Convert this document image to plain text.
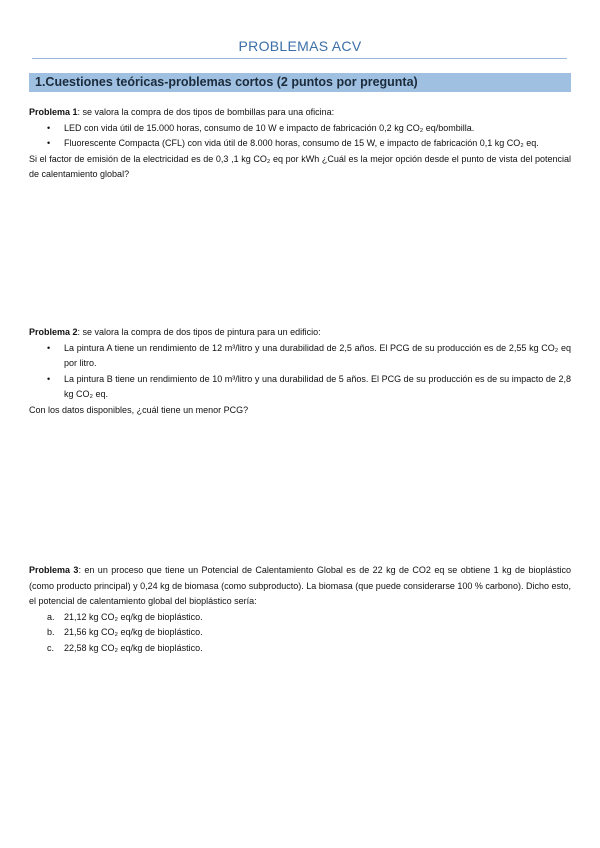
PROBLEMAS ACV
1.Cuestiones teóricas-problemas cortos (2 puntos por pregunta)

Problema 1: se valora la compra de dos tipos de bombillas para una oficina:

• LED con vida útil de 15.000 horas, consumo de 10 W e impacto de fabricación 0,2 kg CO₂ eq/bombilla.
• Fluorescente Compacta (CFL) con vida útil de 8.000 horas, consumo de 15 W, e impacto de fabricación 0,1 kg CO₂ eq.

Si el factor de emisión de la electricidad es de 0,3 ,1 kg CO₂ eq por kWh ¿Cuál es la mejor opción desde el punto de vista del potencial de calentamiento global?

Problema 2: se valora la compra de dos tipos de pintura para un edificio:

• La pintura A tiene un rendimiento de 12 m³/litro y una durabilidad de 2,5 años. El PCG de su producción es de 2,55 kg CO₂ eq por litro.
• La pintura B tiene un rendimiento de 10 m³/litro y una durabilidad de 5 años. El PCG de su producción es de su impacto de 2,8 kg CO₂ eq.

Con los datos disponibles, ¿cuál tiene un menor PCG?

Problema 3: en un proceso que tiene un Potencial de Calentamiento Global es de 22 kg de CO2 eq se obtiene 1 kg de bioplástico (como producto principal) y 0,24 kg de biomasa (como subproducto). La biomasa (que puede considerarse 100 % carbono). Dicho esto, el potencial de calentamiento global del bioplástico sería:

a. 21,12 kg CO₂ eq/kg de bioplástico.
b. 21,56 kg CO₂ eq/kg de bioplástico.
c. 22,58 kg CO₂ eq/kg de bioplástico.
